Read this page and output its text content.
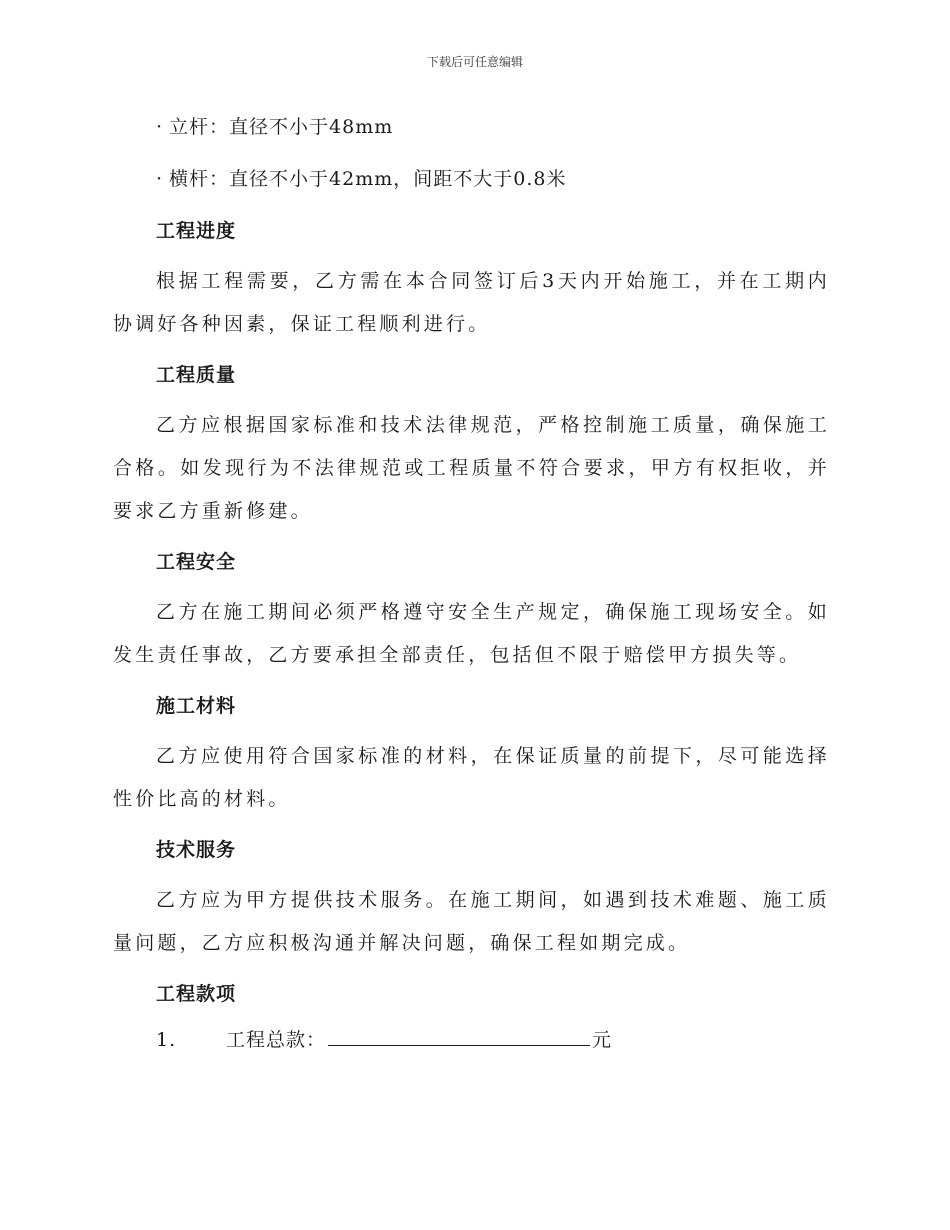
下载后可任意编辑
· 立杆：直径不小于48mm
· 横杆：直径不小于42mm，间距不大于0.8米
工程进度
根据工程需要，乙方需在本合同签订后3天内开始施工，并在工期内协调好各种因素，保证工程顺利进行。
工程质量
乙方应根据国家标准和技术法律规范，严格控制施工质量，确保施工合格。如发现行为不法律规范或工程质量不符合要求，甲方有权拒收，并要求乙方重新修建。
工程安全
乙方在施工期间必须严格遵守安全生产规定，确保施工现场安全。如发生责任事故，乙方要承担全部责任，包括但不限于赔偿甲方损失等。
施工材料
乙方应使用符合国家标准的材料，在保证质量的前提下，尽可能选择性价比高的材料。
技术服务
乙方应为甲方提供技术服务。在施工期间，如遇到技术难题、施工质量问题，乙方应积极沟通并解决问题，确保工程如期完成。
工程款项
1.	工程总款：	元
